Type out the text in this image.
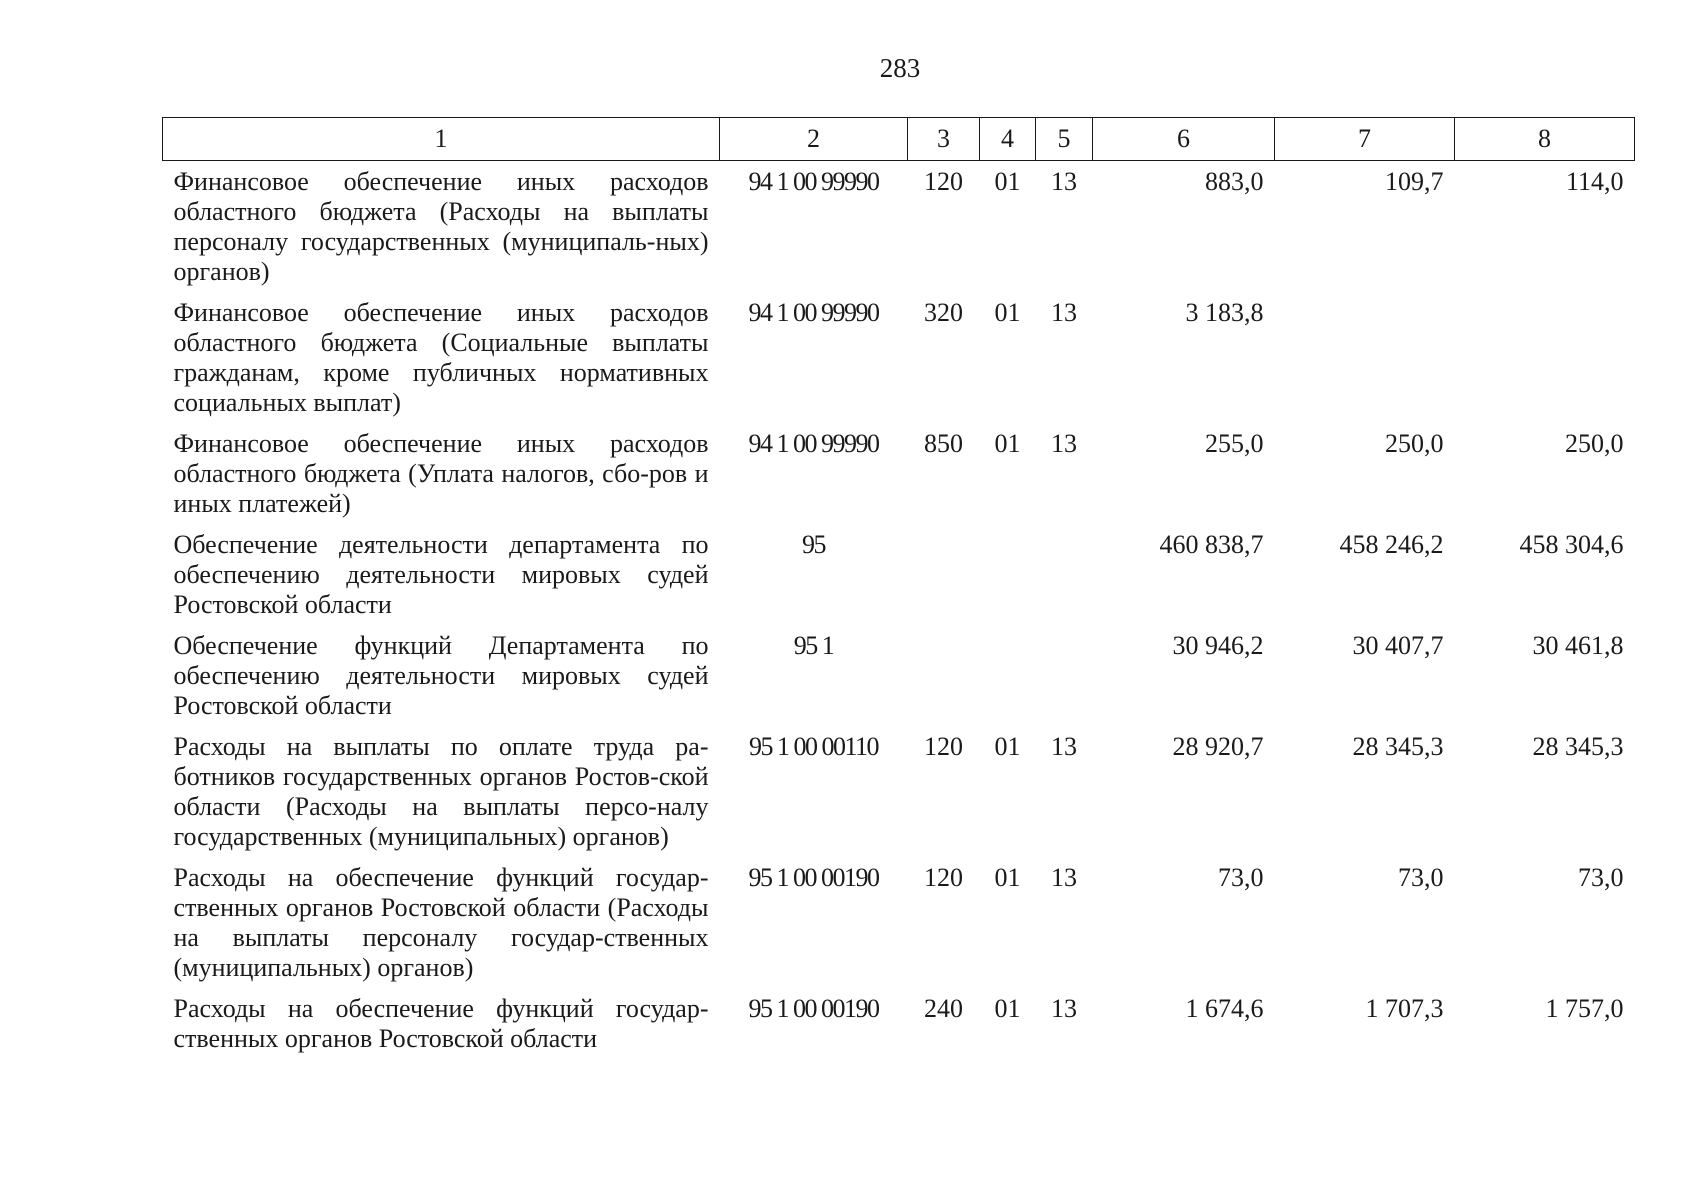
283
1	2	3	4	5	6	7	8
Финансовое обеспечение иных расходов областного бюджета (Расходы на выплаты персоналу государственных (муниципаль-ных) органов)	94 1 00 99990	120	01	13	883,0	109,7	114,0
Финансовое обеспечение иных расходов областного бюджета (Социальные выплаты гражданам, кроме публичных нормативных социальных выплат)	94 1 00 99990	320	01	13	3 183,8		
Финансовое обеспечение иных расходов областного бюджета (Уплата налогов, сбо-ров и иных платежей)	94 1 00 99990	850	01	13	255,0	250,0	250,0
Обеспечение деятельности департамента по обеспечению деятельности мировых судей Ростовской области	95				460 838,7	458 246,2	458 304,6
Обеспечение функций Департамента по обеспечению деятельности мировых судей Ростовской области	95 1				30 946,2	30 407,7	30 461,8
Расходы на выплаты по оплате труда ра-ботников государственных органов Ростов-ской области (Расходы на выплаты персо-налу государственных (муниципальных) органов)	95 1 00 00110	120	01	13	28 920,7	28 345,3	28 345,3
Расходы на обеспечение функций государ-ственных органов Ростовской области (Расходы на выплаты персоналу государ-ственных (муниципальных) органов)	95 1 00 00190	120	01	13	73,0	73,0	73,0
Расходы на обеспечение функций государ-ственных органов Ростовской области	95 1 00 00190	240	01	13	1 674,6	1 707,3	1 757,0
